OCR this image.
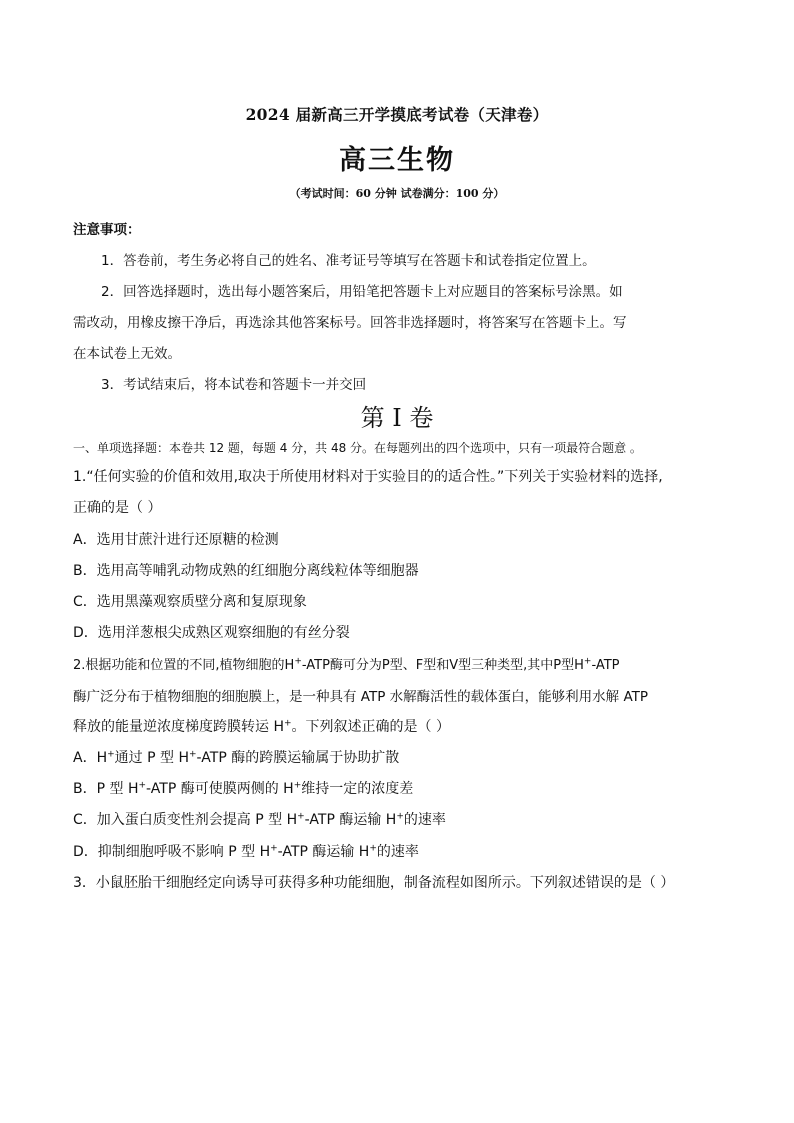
2024 届新高三开学摸底考试卷（天津卷）
高三生物
（考试时间：60 分钟 试卷满分：100 分）
注意事项：
1．答卷前，考生务必将自己的姓名、准考证号等填写在答题卡和试卷指定位置上。
2．回答选择题时，选出每小题答案后，用铅笔把答题卡上对应题目的答案标号涂黑。如
需改动，用橡皮擦干净后，再选涂其他答案标号。回答非选择题时，将答案写在答题卡上。写
在本试卷上无效。
3．考试结束后，将本试卷和答题卡一并交回
第 I 卷
一、单项选择题：本卷共 12 题，每题 4 分，共 48 分。在每题列出的四个选项中，只有一项最符合题意 。
1.“任何实验的价值和效用,取决于所使用材料对于实验目的的适合性。”下列关于实验材料的选择,
正确的是（ ）
A．选用甘蔗汁进行还原糖的检测
B．选用高等哺乳动物成熟的红细胞分离线粒体等细胞器
C．选用黑藻观察质壁分离和复原现象
D．选用洋葱根尖成熟区观察细胞的有丝分裂
2.根据功能和位置的不同,植物细胞的H+-ATP酶可分为P型、F型和V型三种类型,其中P型H+-ATP
酶广泛分布于植物细胞的细胞膜上，是一种具有 ATP 水解酶活性的载体蛋白，能够利用水解 ATP
释放的能量逆浓度梯度跨膜转运 H+。下列叙述正确的是（ ）
A．H+通过 P 型 H+-ATP 酶的跨膜运输属于协助扩散
B．P 型 H+-ATP 酶可使膜两侧的 H+维持一定的浓度差
C．加入蛋白质变性剂会提高 P 型 H+-ATP 酶运输 H+的速率
D．抑制细胞呼吸不影响 P 型 H+-ATP 酶运输 H+的速率
3．小鼠胚胎干细胞经定向诱导可获得多种功能细胞，制备流程如图所示。下列叙述错误的是（ ）
